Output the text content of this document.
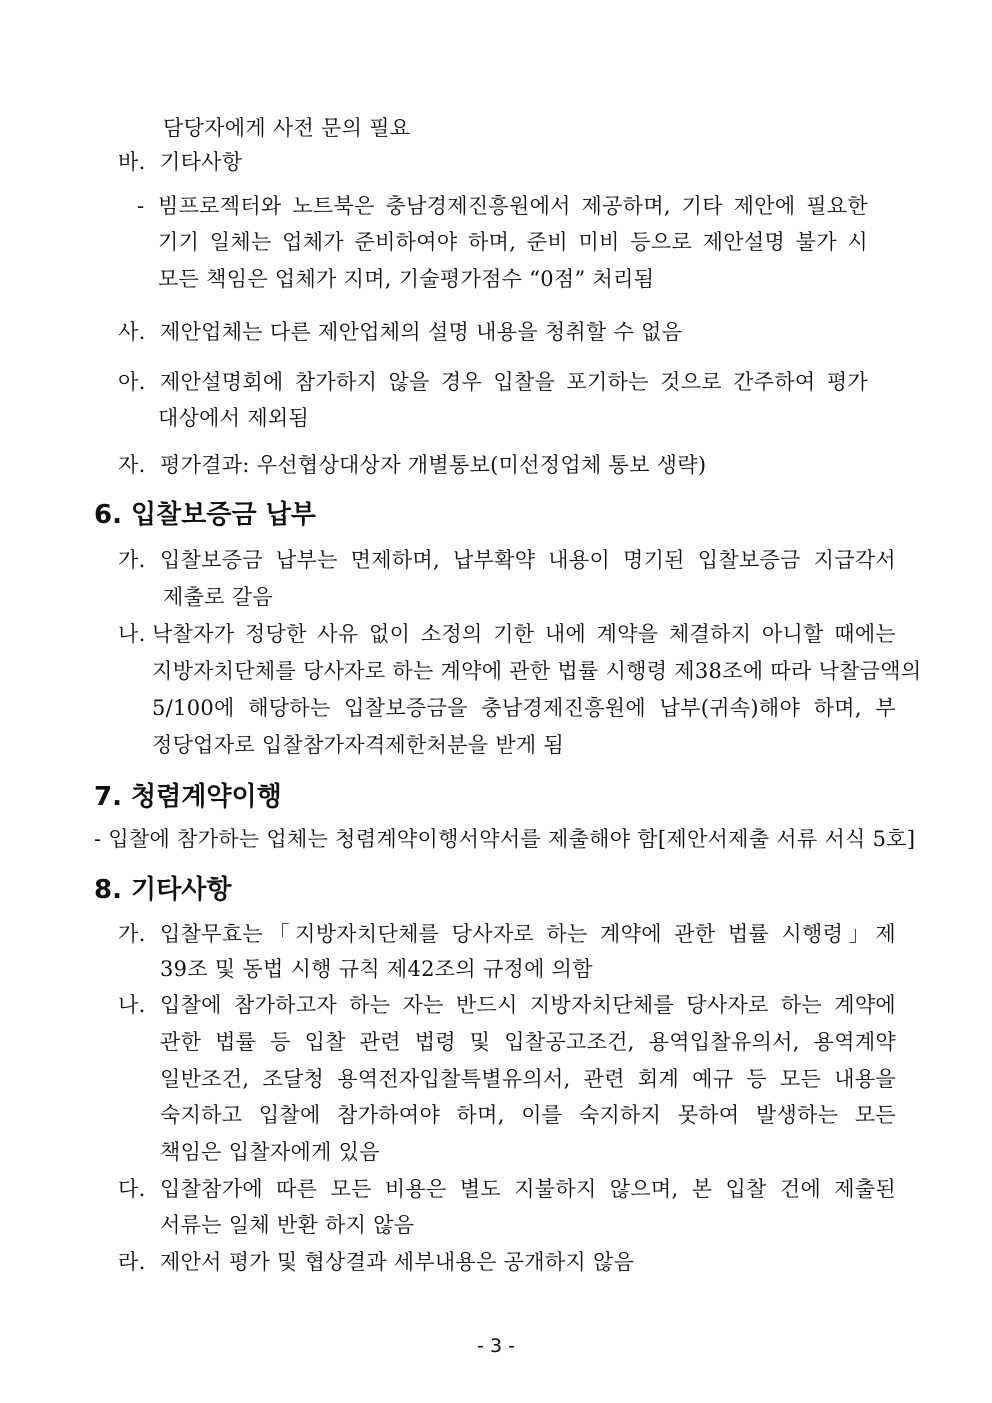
담당자에게 사전 문의 필요
바. 기타사항
- 빔프로젝터와 노트북은 충남경제진흥원에서 제공하며, 기타 제안에 필요한
기기 일체는 업체가 준비하여야 하며, 준비 미비 등으로 제안설명 불가 시
모든 책임은 업체가 지며, 기술평가점수 “0점” 처리됨
사. 제안업체는 다른 제안업체의 설명 내용을 청취할 수 없음
아. 제안설명회에 참가하지 않을 경우 입찰을 포기하는 것으로 간주하여 평가
대상에서 제외됨
자. 평가결과: 우선협상대상자 개별통보(미선정업체 통보 생략)
6. 입찰보증금 납부
가. 입찰보증금 납부는 면제하며, 납부확약 내용이 명기된 입찰보증금 지급각서
제출로 갈음
나. 낙찰자가 정당한 사유 없이 소정의 기한 내에 계약을 체결하지 아니할 때에는
지방자치단체를 당사자로 하는 계약에 관한 법률 시행령 제38조에 따라 낙찰금액의
5/100에 해당하는 입찰보증금을 충남경제진흥원에 납부(귀속)해야 하며, 부
정당업자로 입찰참가자격제한처분을 받게 됨
7. 청렴계약이행
- 입찰에 참가하는 업체는 청렴계약이행서약서를 제출해야 함[제안서제출 서류 서식 5호]
8. 기타사항
가. 입찰무효는「지방자치단체를 당사자로 하는 계약에 관한 법률 시행령」제
39조 및 동법 시행 규칙 제42조의 규정에 의함
나. 입찰에 참가하고자 하는 자는 반드시 지방자치단체를 당사자로 하는 계약에
관한 법률 등 입찰 관련 법령 및 입찰공고조건, 용역입찰유의서, 용역계약
일반조건, 조달청 용역전자입찰특별유의서, 관련 회계 예규 등 모든 내용을
숙지하고 입찰에 참가하여야 하며, 이를 숙지하지 못하여 발생하는 모든
책임은 입찰자에게 있음
다. 입찰참가에 따른 모든 비용은 별도 지불하지 않으며, 본 입찰 건에 제출된
서류는 일체 반환 하지 않음
라. 제안서 평가 및 협상결과 세부내용은 공개하지 않음
- 3 -
